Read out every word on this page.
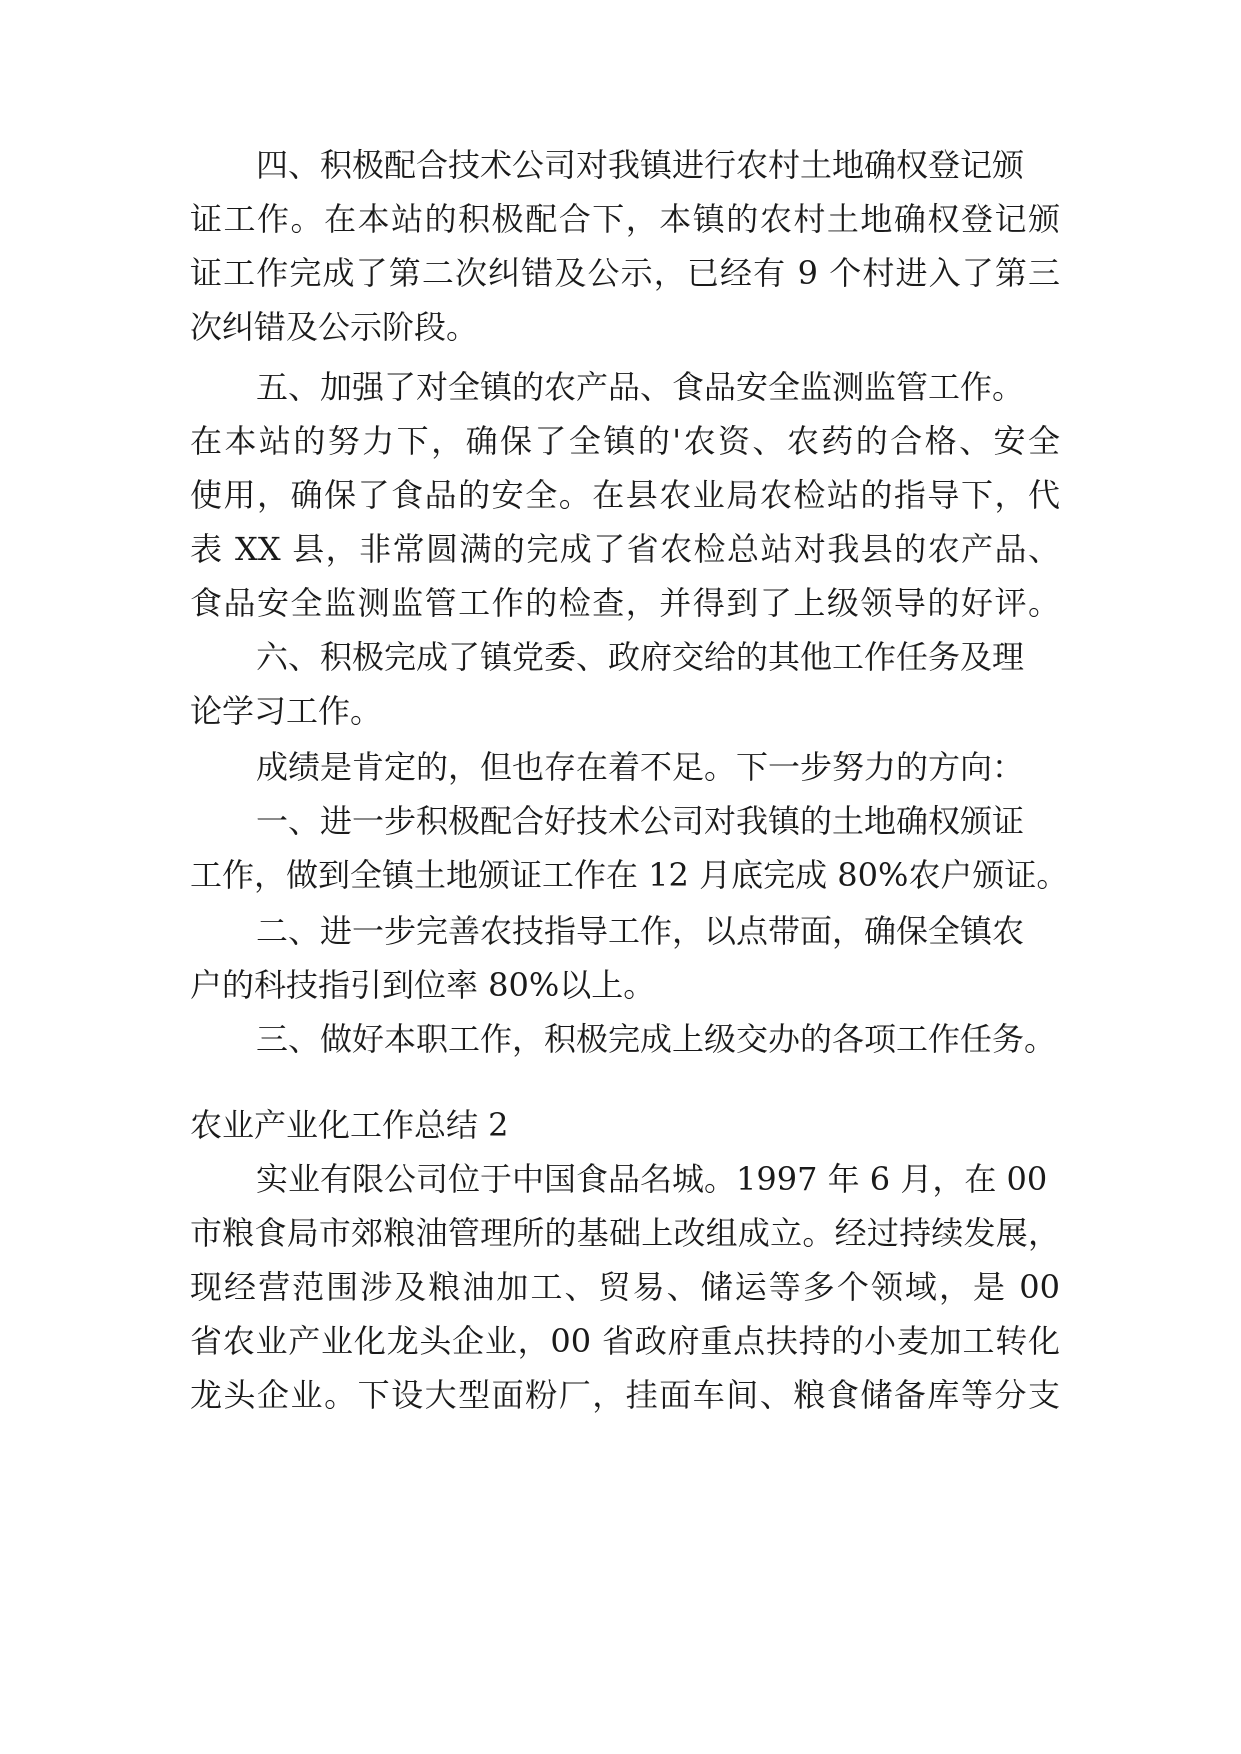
四、积极配合技术公司对我镇进行农村土地确权登记颁
证工作。在本站的积极配合下，本镇的农村土地确权登记颁
证工作完成了第二次纠错及公示，已经有 9 个村进入了第三
次纠错及公示阶段。
五、加强了对全镇的农产品、食品安全监测监管工作。
在本站的努力下，确保了全镇的'农资、农药的合格、安全
使用，确保了食品的安全。在县农业局农检站的指导下，代
表 XX 县，非常圆满的完成了省农检总站对我县的农产品、
食品安全监测监管工作的检查，并得到了上级领导的好评。
六、积极完成了镇党委、政府交给的其他工作任务及理
论学习工作。
成绩是肯定的，但也存在着不足。下一步努力的方向：
一、进一步积极配合好技术公司对我镇的土地确权颁证
工作，做到全镇土地颁证工作在 12 月底完成 80%农户颁证。
二、进一步完善农技指导工作，以点带面，确保全镇农
户的科技指引到位率 80%以上。
三、做好本职工作，积极完成上级交办的各项工作任务。
农业产业化工作总结 2
实业有限公司位于中国食品名城。1997 年 6 月，在 00
市粮食局市郊粮油管理所的基础上改组成立。经过持续发展，
现经营范围涉及粮油加工、贸易、储运等多个领域，是 00
省农业产业化龙头企业，00 省政府重点扶持的小麦加工转化
龙头企业。下设大型面粉厂，挂面车间、粮食储备库等分支
